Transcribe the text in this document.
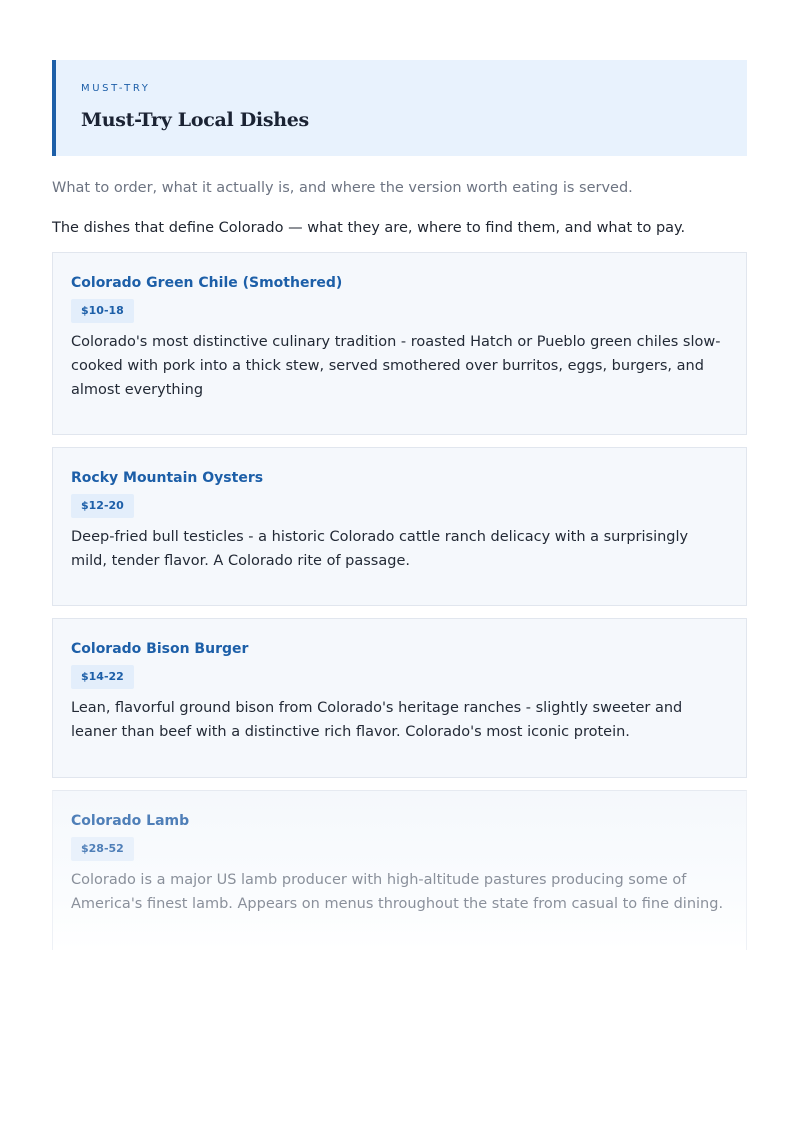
MUST-TRY
Must-Try Local Dishes
What to order, what it actually is, and where the version worth eating is served.
The dishes that define Colorado — what they are, where to find them, and what to pay.
Colorado Green Chile (Smothered)
$10-18
Colorado's most distinctive culinary tradition - roasted Hatch or Pueblo green chiles slow-cooked with pork into a thick stew, served smothered over burritos, eggs, burgers, and almost everything
Rocky Mountain Oysters
$12-20
Deep-fried bull testicles - a historic Colorado cattle ranch delicacy with a surprisingly mild, tender flavor. A Colorado rite of passage.
Colorado Bison Burger
$14-22
Lean, flavorful ground bison from Colorado's heritage ranches - slightly sweeter and leaner than beef with a distinctive rich flavor. Colorado's most iconic protein.
Colorado Lamb
$28-52
Colorado is a major US lamb producer with high-altitude pastures producing some of America's finest lamb. Appears on menus throughout the state from casual to fine dining.
